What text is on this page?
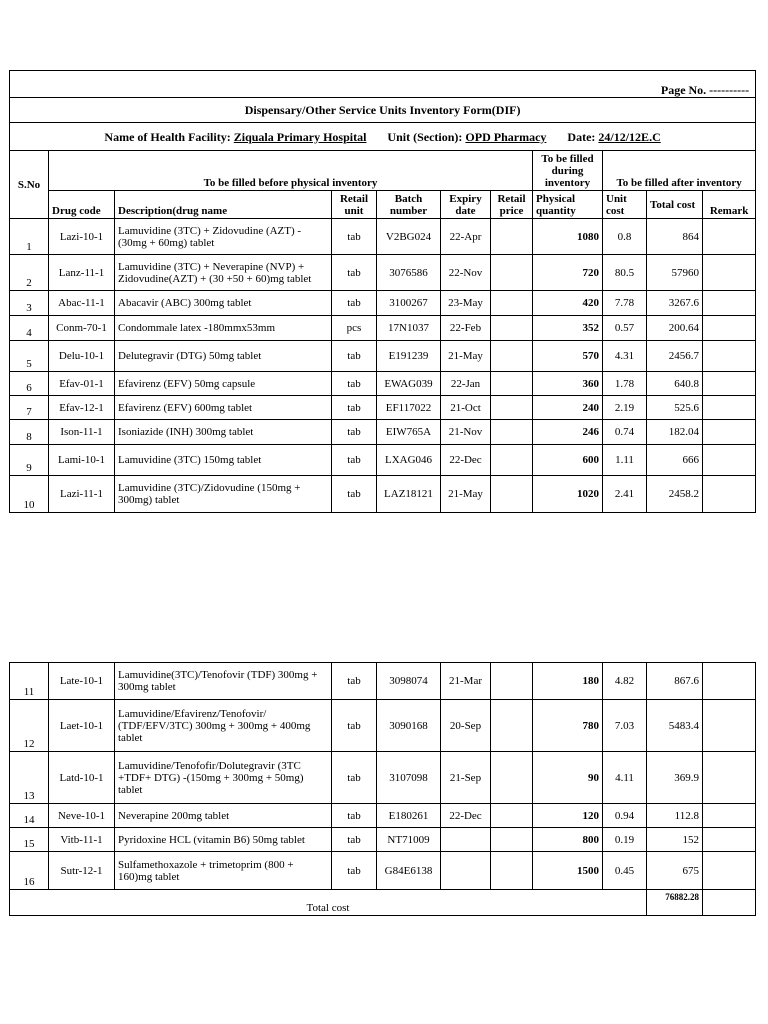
Page No. ----------										
Dispensary/Other Service Units Inventory Form(DIF)										
Name of Health Facility: Ziquala Primary Hospital Unit (Section): OPD Pharmacy Date: 24/12/12E.C										
S.No	To be filled before physical inventory						To be filled during inventory	To be filled after inventory		
	Drug code	Description(drug name	Retail unit	Batch number	Expiry date	Retail price	Physical quantity	Unit cost	Total cost	Remark
1	Lazi-10-1	Lamuvidine (3TC) + Zidovudine (AZT) -(30mg + 60mg) tablet	tab	V2BG024	22-Apr		1080	0.8	864	
2	Lanz-11-1	Lamuvidine (3TC) + Neverapine (NVP) + Zidovudine(AZT) + (30 +50 + 60)mg tablet	tab	3076586	22-Nov		720	80.5	57960	
3	Abac-11-1	Abacavir (ABC) 300mg tablet	tab	3100267	23-May		420	7.78	3267.6	
4	Conm-70-1	Condommale latex -180mmx53mm	pcs	17N1037	22-Feb		352	0.57	200.64	
5	Delu-10-1	Delutegravir (DTG) 50mg tablet	tab	E191239	21-May		570	4.31	2456.7	
6	Efav-01-1	Efavirenz (EFV) 50mg capsule	tab	EWAG039	22-Jan		360	1.78	640.8	
7	Efav-12-1	Efavirenz (EFV) 600mg tablet	tab	EF117022	21-Oct		240	2.19	525.6	
8	Ison-11-1	Isoniazide (INH) 300mg tablet	tab	EIW765A	21-Nov		246	0.74	182.04	
9	Lami-10-1	Lamuvidine (3TC) 150mg tablet	tab	LXAG046	22-Dec		600	1.11	666	
10	Lazi-11-1	Lamuvidine (3TC)/Zidovudine (150mg + 300mg) tablet	tab	LAZ18121	21-May		1020	2.41	2458.2	
11	Late-10-1	Lamuvidine(3TC)/Tenofovir (TDF) 300mg + 300mg tablet	tab	3098074	21-Mar		180	4.82	867.6	
12	Laet-10-1	Lamuvidine/Efavirenz/Tenofovir/ (TDF/EFV/3TC) 300mg + 300mg + 400mg tablet	tab	3090168	20-Sep		780	7.03	5483.4	
13	Latd-10-1	Lamuvidine/Tenofofir/Dolutegravir (3TC +TDF+ DTG) -(150mg + 300mg + 50mg) tablet	tab	3107098	21-Sep		90	4.11	369.9	
14	Neve-10-1	Neverapine 200mg tablet	tab	E180261	22-Dec		120	0.94	112.8	
15	Vitb-11-1	Pyridoxine HCL (vitamin B6) 50mg tablet	tab	NT71009			800	0.19	152	
16	Sutr-12-1	Sulfamethoxazole + trimetoprim (800 + 160)mg tablet	tab	G84E6138			1500	0.45	675	
Total cost									76882.28	
